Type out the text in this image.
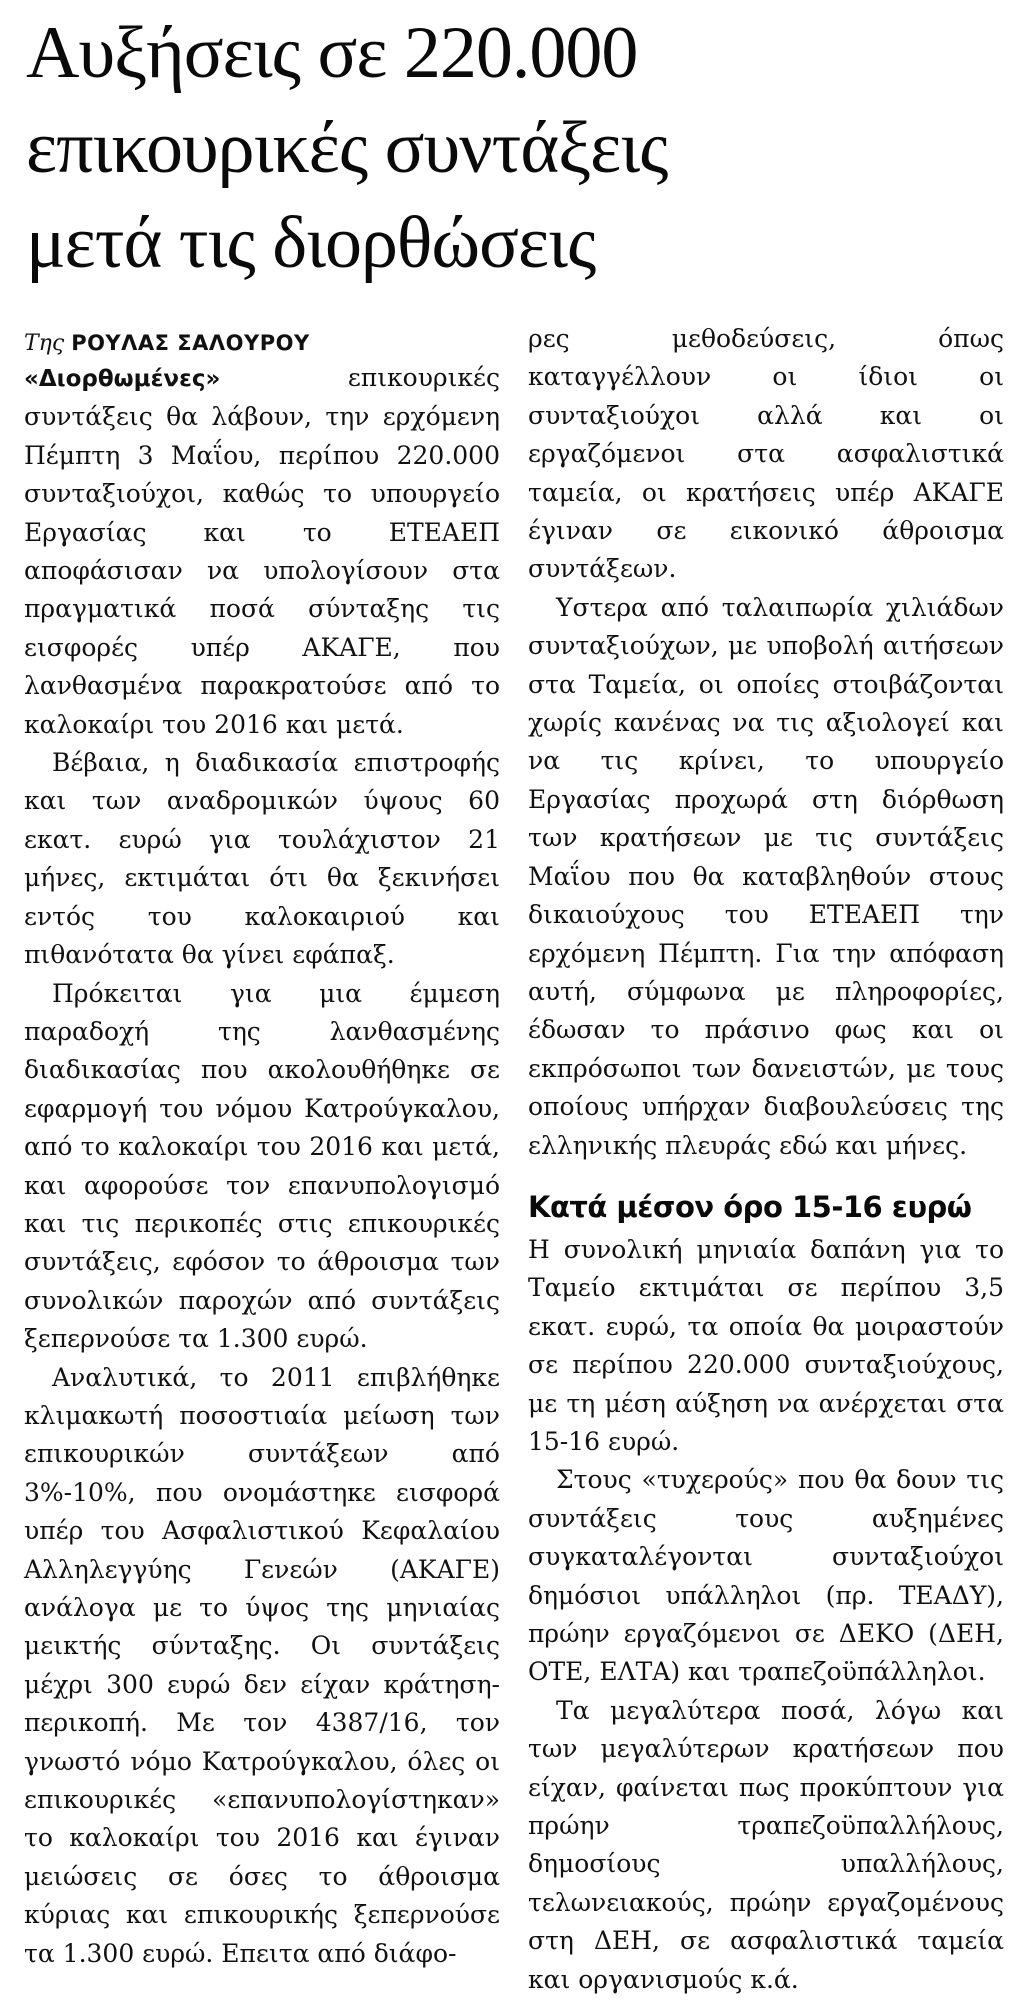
Αυξήσεις σε 220.000
επικουρικές συντάξεις
μετά τις διορθώσεις

Της ΡΟΥΛΑΣ ΣΑΛΟΥΡΟΥ

«Διορθωμένες» επικουρικές συντάξεις θα λάβουν, την ερχόμενη Πέμπτη 3 Μαΐου, περίπου 220.000 συνταξιούχοι, καθώς το υπουργείο Εργασίας και το ΕΤΕΑΕΠ αποφάσισαν να υπολογίσουν στα πραγματικά ποσά σύνταξης τις εισφορές υπέρ ΑΚΑΓΕ, που λανθασμένα παρακρατούσε από το καλοκαίρι του 2016 και μετά.

Βέβαια, η διαδικασία επιστροφής και των αναδρομικών ύψους 60 εκατ. ευρώ για τουλάχιστον 21 μήνες, εκτιμάται ότι θα ξεκινήσει εντός του καλοκαιριού και πιθανότατα θα γίνει εφάπαξ.

Πρόκειται για μια έμμεση παραδοχή της λανθασμένης διαδικασίας που ακολουθήθηκε σε εφαρμογή του νόμου Κατρούγκαλου, από το καλοκαίρι του 2016 και μετά, και αφορούσε τον επανυπολογισμό και τις περικοπές στις επικουρικές συντάξεις, εφόσον το άθροισμα των συνολικών παροχών από συντάξεις ξεπερνούσε τα 1.300 ευρώ.

Αναλυτικά, το 2011 επιβλήθηκε κλιμακωτή ποσοστιαία μείωση των επικουρικών συντάξεων από 3%-10%, που ονομάστηκε εισφορά υπέρ του Ασφαλιστικού Κεφαλαίου Αλληλεγγύης Γενεών (ΑΚΑΓΕ) ανάλογα με το ύψος της μηνιαίας μεικτής σύνταξης. Οι συντάξεις μέχρι 300 ευρώ δεν είχαν κράτηση-περικοπή. Με τον 4387/16, τον γνωστό νόμο Κατρούγκαλου, όλες οι επικουρικές «επανυπολογίστηκαν» το καλοκαίρι του 2016 και έγιναν μειώσεις σε όσες το άθροισμα κύριας και επικουρικής ξεπερνούσε τα 1.300 ευρώ. Επειτα από διάφο-

ρες μεθοδεύσεις, όπως καταγγέλλουν οι ίδιοι οι συνταξιούχοι αλλά και οι εργαζόμενοι στα ασφαλιστικά ταμεία, οι κρατήσεις υπέρ ΑΚΑΓΕ έγιναν σε εικονικό άθροισμα συντάξεων.

Υστερα από ταλαιπωρία χιλιάδων συνταξιούχων, με υποβολή αιτήσεων στα Ταμεία, οι οποίες στοιβάζονται χωρίς κανένας να τις αξιολογεί και να τις κρίνει, το υπουργείο Εργασίας προχωρά στη διόρθωση των κρατήσεων με τις συντάξεις Μαΐου που θα καταβληθούν στους δικαιούχους του ΕΤΕΑΕΠ την ερχόμενη Πέμπτη. Για την απόφαση αυτή, σύμφωνα με πληροφορίες, έδωσαν το πράσινο φως και οι εκπρόσωποι των δανειστών, με τους οποίους υπήρχαν διαβουλεύσεις της ελληνικής πλευράς εδώ και μήνες.

Κατά μέσον όρο 15-16 ευρώ

Η συνολική μηνιαία δαπάνη για το Ταμείο εκτιμάται σε περίπου 3,5 εκατ. ευρώ, τα οποία θα μοιραστούν σε περίπου 220.000 συνταξιούχους, με τη μέση αύξηση να ανέρχεται στα 15-16 ευρώ.

Στους «τυχερούς» που θα δουν τις συντάξεις τους αυξημένες συγκαταλέγονται συνταξιούχοι δημόσιοι υπάλληλοι (πρ. ΤΕΑΔΥ), πρώην εργαζόμενοι σε ΔΕΚΟ (ΔΕΗ, ΟΤΕ, ΕΛΤΑ) και τραπεζοϋπάλληλοι.

Τα μεγαλύτερα ποσά, λόγω και των μεγαλύτερων κρατήσεων που είχαν, φαίνεται πως προκύπτουν για πρώην τραπεζοϋπαλλήλους, δημοσίους υπαλλήλους, τελωνειακούς, πρώην εργαζομένους στη ΔΕΗ, σε ασφαλιστικά ταμεία και οργανισμούς κ.ά.
